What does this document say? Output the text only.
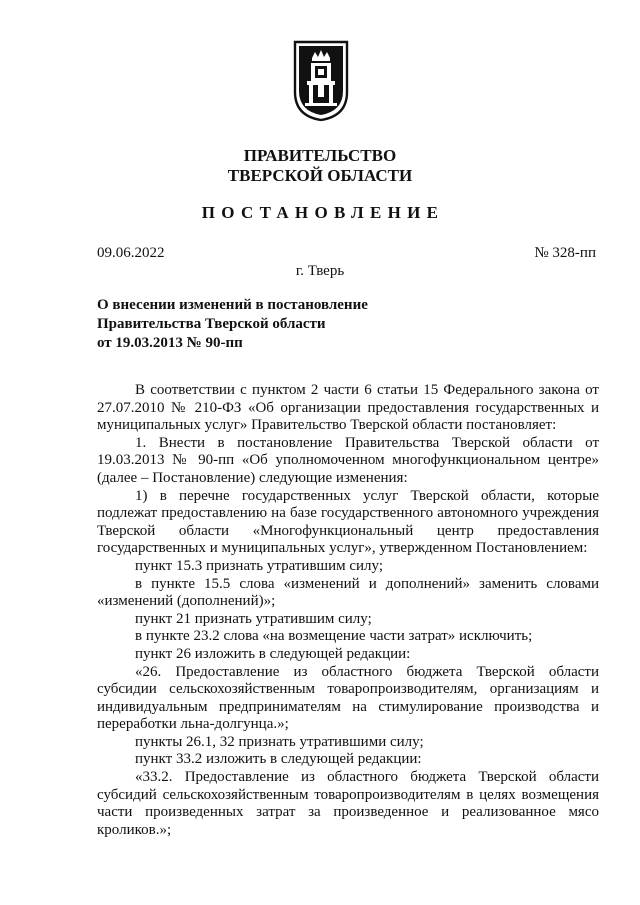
ПРАВИТЕЛЬСТВО
ТВЕРСКОЙ ОБЛАСТИ
ПОСТАНОВЛЕНИЕ
09.06.2022	№ 328-пп
г. Тверь
О внесении изменений в постановление
Правительства Тверской области
от 19.03.2013 № 90-пп

В соответствии с пунктом 2 части 6 статьи 15 Федерального закона от 27.07.2010 № 210-ФЗ «Об организации предоставления государственных и муниципальных услуг» Правительство Тверской области постановляет:

1. Внести в постановление Правительства Тверской области от 19.03.2013 № 90-пп «Об уполномоченном многофункциональном центре» (далее – Постановление) следующие изменения:

1) в перечне государственных услуг Тверской области, которые подлежат предоставлению на базе государственного автономного учреждения Тверской области «Многофункциональный центр предоставления государственных и муниципальных услуг», утвержденном Постановлением:

пункт 15.3 признать утратившим силу;

в пункте 15.5 слова «изменений и дополнений» заменить словами «изменений (дополнений)»;

пункт 21 признать утратившим силу;

в пункте 23.2 слова «на возмещение части затрат» исключить;

пункт 26 изложить в следующей редакции:

«26. Предоставление из областного бюджета Тверской области субсидии сельскохозяйственным товаропроизводителям, организациям и индивидуальным предпринимателям на стимулирование производства и переработки льна-долгунца.»;

пункты 26.1, 32 признать утратившими силу;

пункт 33.2 изложить в следующей редакции:

«33.2. Предоставление из областного бюджета Тверской области субсидий сельскохозяйственным товаропроизводителям в целях возмещения части произведенных затрат за произведенное и реализованное мясо кроликов.»;
